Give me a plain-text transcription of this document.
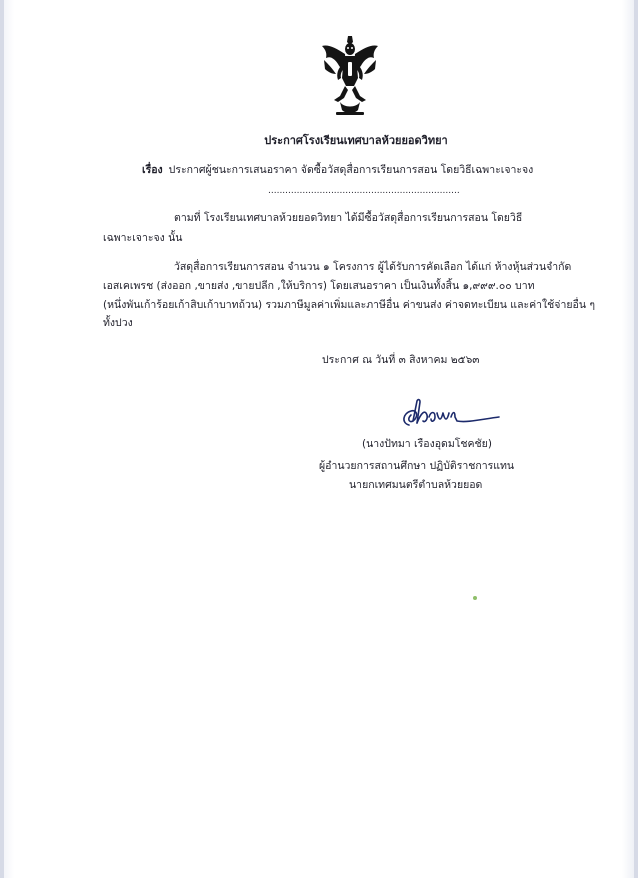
ประกาศโรงเรียนเทศบาลห้วยยอดวิทยา
เรื่อง ประกาศผู้ชนะการเสนอราคา จัดซื้อวัสดุสื่อการเรียนการสอน โดยวิธีเฉพาะเจาะจง
...................................................................
ตามที่ โรงเรียนเทศบาลห้วยยอดวิทยา ได้มีซื้อวัสดุสื่อการเรียนการสอน โดยวิธี
เฉพาะเจาะจง นั้น
วัสดุสื่อการเรียนการสอน จำนวน ๑ โครงการ ผู้ได้รับการคัดเลือก ได้แก่ ห้างหุ้นส่วนจำกัด
เอสเคเพรช (ส่งออก ,ขายส่ง ,ขายปลีก ,ให้บริการ) โดยเสนอราคา เป็นเงินทั้งสิ้น ๑,๙๙๙.๐๐ บาท
(หนึ่งพันเก้าร้อยเก้าสิบเก้าบาทถ้วน) รวมภาษีมูลค่าเพิ่มและภาษีอื่น ค่าขนส่ง ค่าจดทะเบียน และค่าใช้จ่ายอื่น ๆ
ทั้งปวง
ประกาศ ณ วันที่ ๓ สิงหาคม ๒๕๖๓
(นางปัทมา เรืองอุดมโชคชัย)
ผู้อำนวยการสถานศึกษา ปฏิบัติราชการแทน
นายกเทศมนตรีตำบลห้วยยอด
